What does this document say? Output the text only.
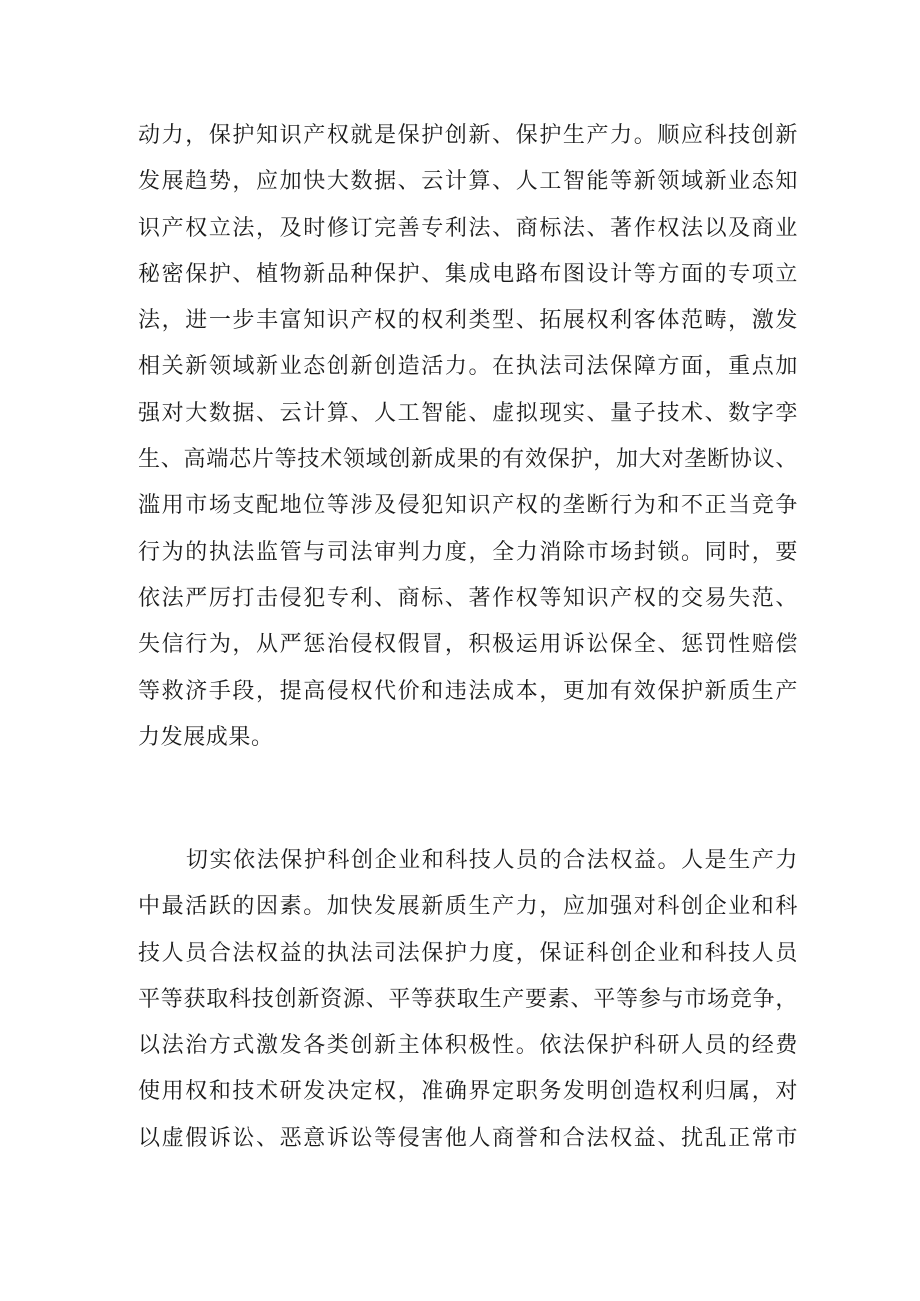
动力，保护知识产权就是保护创新、保护生产力。顺应科技创新
发展趋势，应加快大数据、云计算、人工智能等新领域新业态知
识产权立法，及时修订完善专利法、商标法、著作权法以及商业
秘密保护、植物新品种保护、集成电路布图设计等方面的专项立
法，进一步丰富知识产权的权利类型、拓展权利客体范畴，激发
相关新领域新业态创新创造活力。在执法司法保障方面，重点加
强对大数据、云计算、人工智能、虚拟现实、量子技术、数字孪
生、高端芯片等技术领域创新成果的有效保护，加大对垄断协议、
滥用市场支配地位等涉及侵犯知识产权的垄断行为和不正当竞争
行为的执法监管与司法审判力度，全力消除市场封锁。同时，要
依法严厉打击侵犯专利、商标、著作权等知识产权的交易失范、
失信行为，从严惩治侵权假冒，积极运用诉讼保全、惩罚性赔偿
等救济手段，提高侵权代价和违法成本，更加有效保护新质生产
力发展成果。
切实依法保护科创企业和科技人员的合法权益。人是生产力
中最活跃的因素。加快发展新质生产力，应加强对科创企业和科
技人员合法权益的执法司法保护力度，保证科创企业和科技人员
平等获取科技创新资源、平等获取生产要素、平等参与市场竞争，
以法治方式激发各类创新主体积极性。依法保护科研人员的经费
使用权和技术研发决定权，准确界定职务发明创造权利归属，对
以虚假诉讼、恶意诉讼等侵害他人商誉和合法权益、扰乱正常市
